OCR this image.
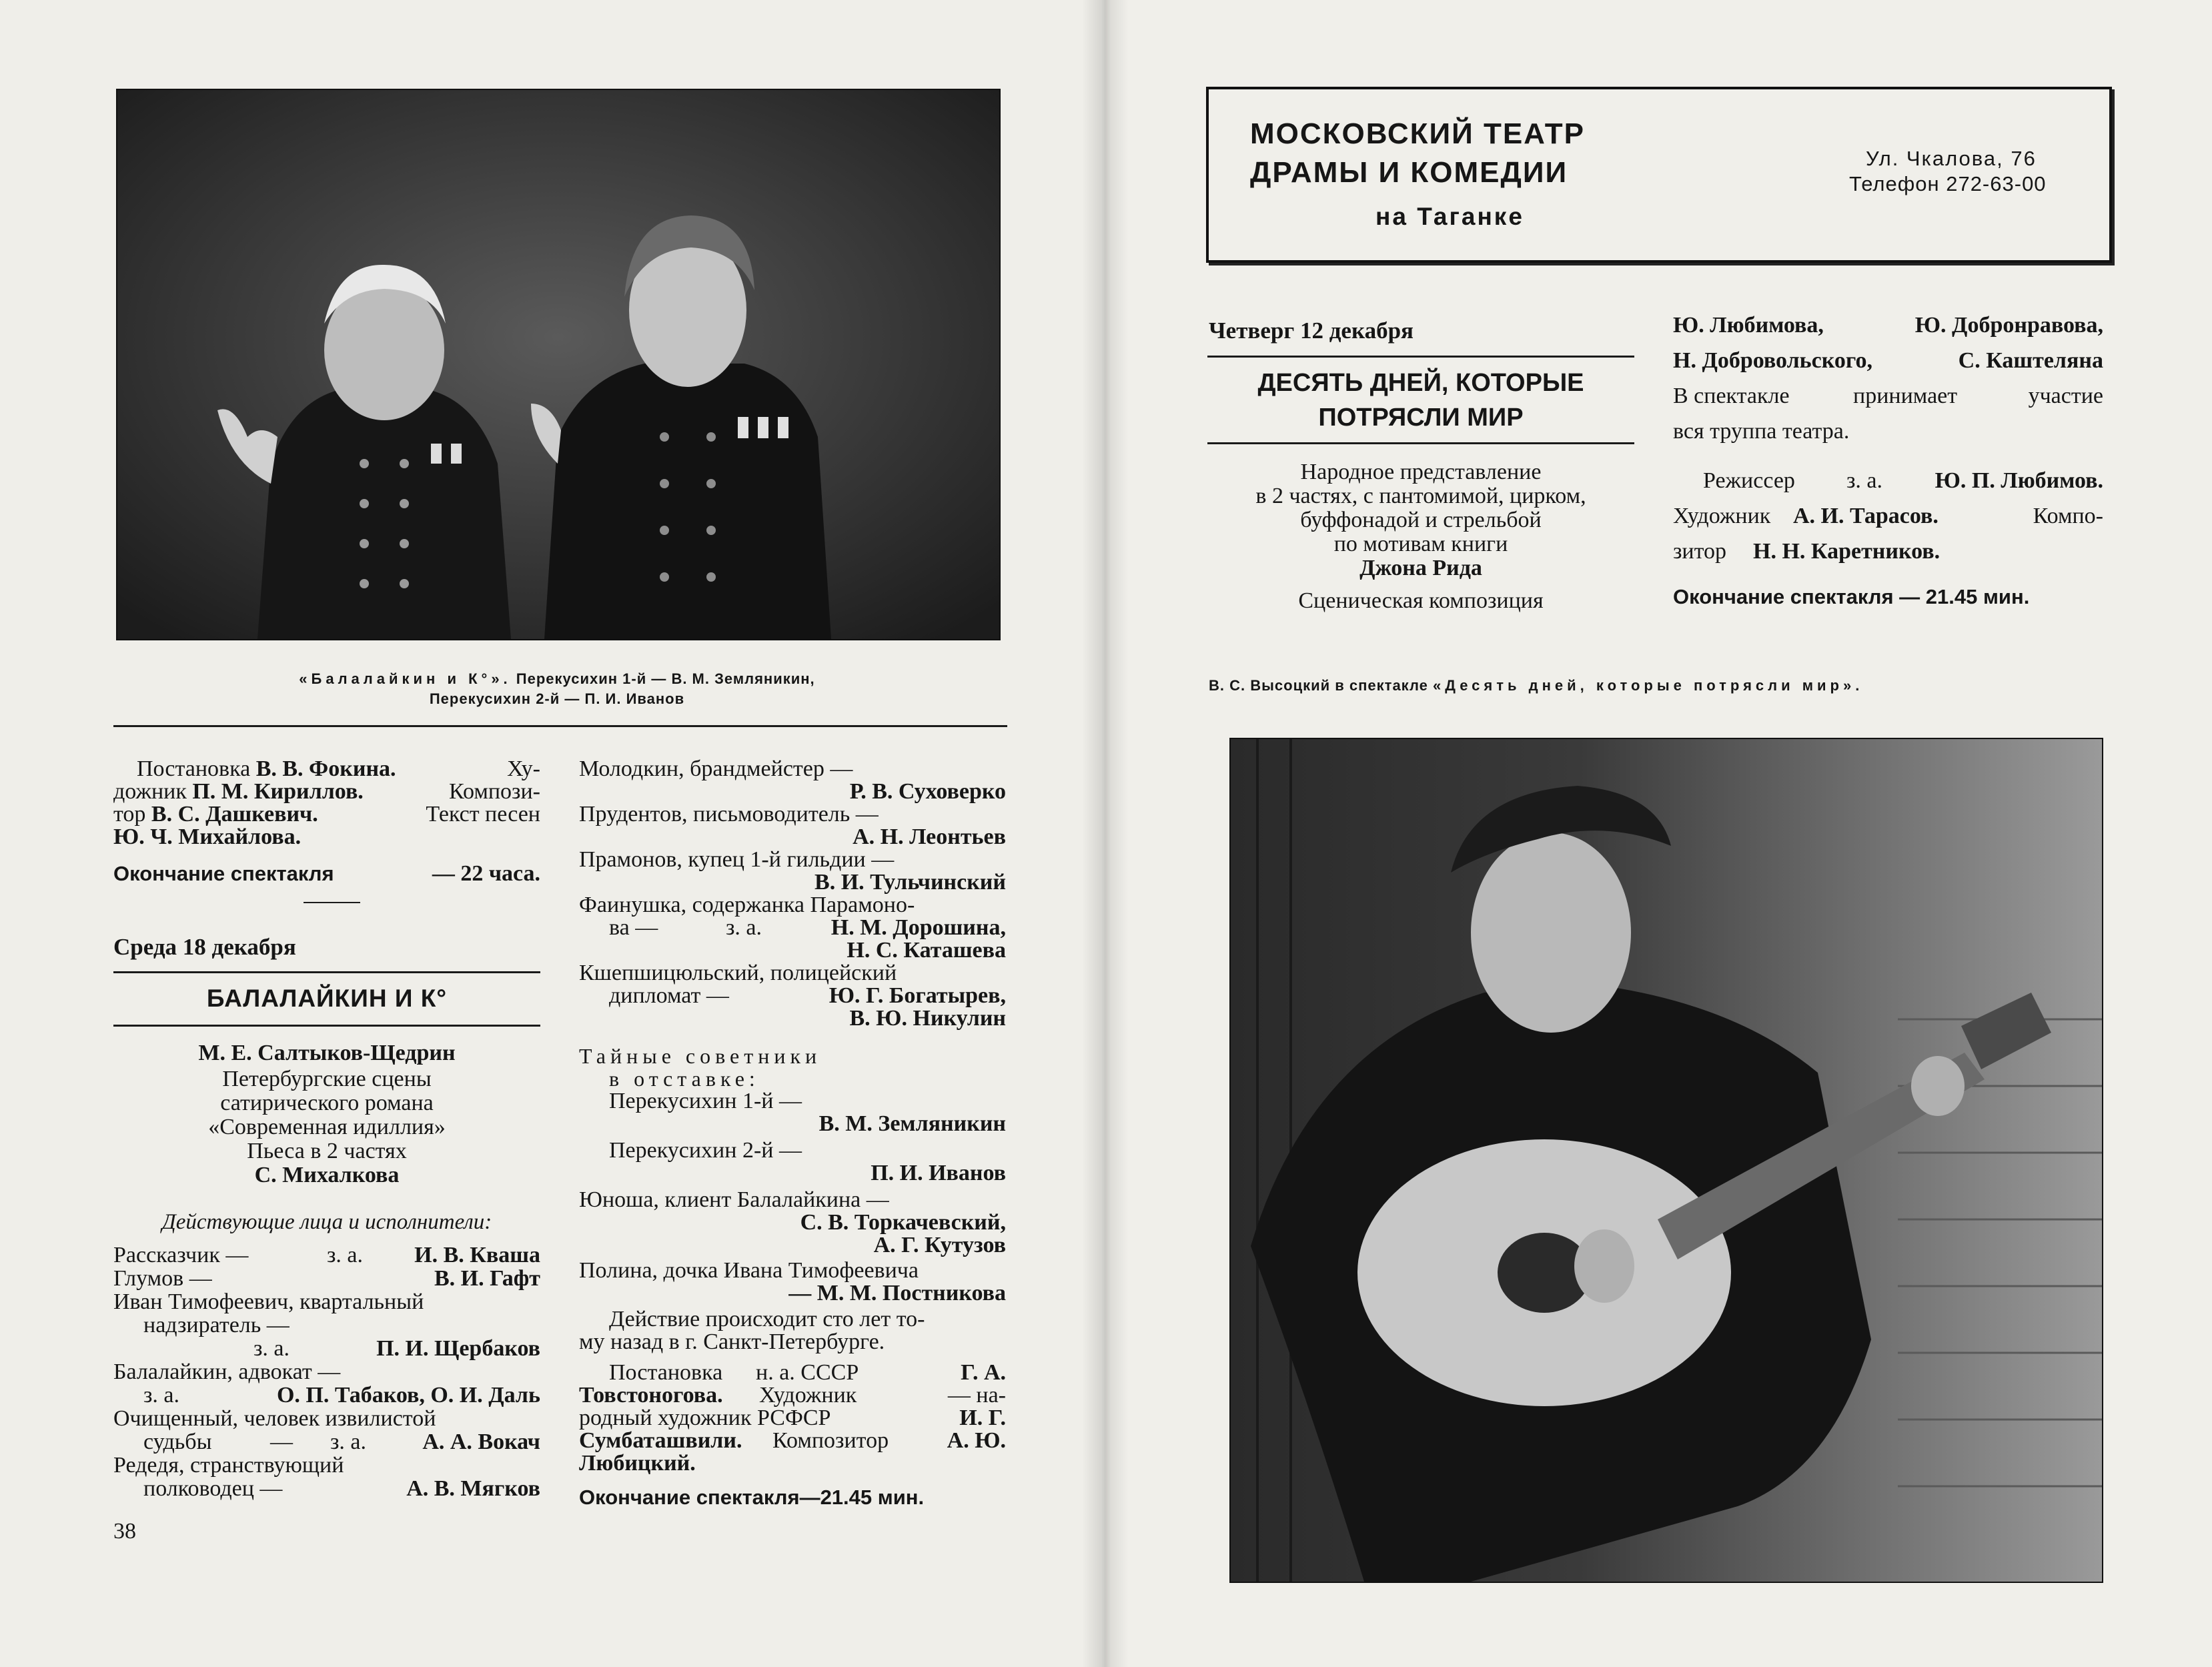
«Балалайкин и К°». Перекусихин 1-й — В. М. Земляникин,
Перекусихин 2-й — П. И. Иванов
Постановка В. В. Фокина.	Ху-
дожник П. М. Кириллов.	Компози-
тор В. С. Дашкевич.	Текст песен
Ю. Ч. Михайлова.
Окончание спектакля	— 22 часа.
Среда 18 декабря
БАЛАЛАЙКИН И К°
М. Е. Салтыков-Щедрин
Петербургские сцены
сатирического романа
«Современная идиллия»
Пьеса в 2 частях
С. Михалкова
Действующие лица и исполнители:
Рассказчик —	з. а. И. В. Кваша
Глумов —	В. И. Гафт
Иван Тимофеевич, квартальный
надзиратель —
з. а.	П. И. Щербаков
Балалайкин, адвокат —
з. а.	О. П. Табаков, О. И. Даль
Очищенный, человек извилистой
судьбы	— з. а. А. А. Вокач
Редедя, странствующий
полководец —	А. В. Мягков
38
Молодкин, брандмейстер —
Р. В. Суховерко
Прудентов, письмоводитель —
А. Н. Леонтьев
Прамонов, купец 1-й гильдии —
В. И. Тульчинский
Фаинушка, содержанка Парамоно-
ва —	з. а.	Н. М. Дорошина,
Н. С. Каташева
Кшепшицюльский, полицейский
дипломат —	Ю. Г. Богатырев,
В. Ю. Никулин
Тайные советники
в отставке:
Перекусихин 1-й —
В. М. Земляникин
Перекусихин 2-й —
П. И. Иванов
Юноша, клиент Балалайкина —
С. В. Торкачевский,
А. Г. Кутузов
Полина, дочка Ивана Тимофеевича
— М. М. Постникова
Действие происходит сто лет то-
му назад в г. Санкт-Петербурге.
Постановка н. а. СССР	Г. А.
Товстоногова. Художник	— на-
родный художник РСФСР	И. Г.
Сумбаташвили. Композитор	А. Ю.
Любицкий.
Окончание спектакля—21.45 мин.
МОСКОВСКИЙ ТЕАТР
ДРАМЫ И КОМЕДИИ
на Таганке
Ул. Чкалова, 76
Телефон 272-63-00
Четверг 12 декабря
ДЕСЯТЬ ДНЕЙ, КОТОРЫЕ
ПОТРЯСЛИ МИР
Народное представление
в 2 частях, с пантомимой, цирком,
буффонадой и стрельбой
по мотивам книги
Джона Рида
Сценическая композиция
Ю. Любимова,	Ю. Добронравова,
Н. Добровольского,	С. Каштеляна
В спектакле	принимает	участие
вся труппа театра.
Режиссер з. а. Ю. П. Любимов.
Художник А. И. Тарасов.	Компо-
зитор Н. Н. Каретников.
Окончание спектакля — 21.45 мин.
В. С. Высоцкий в спектакле «Десять дней, которые потрясли мир».
